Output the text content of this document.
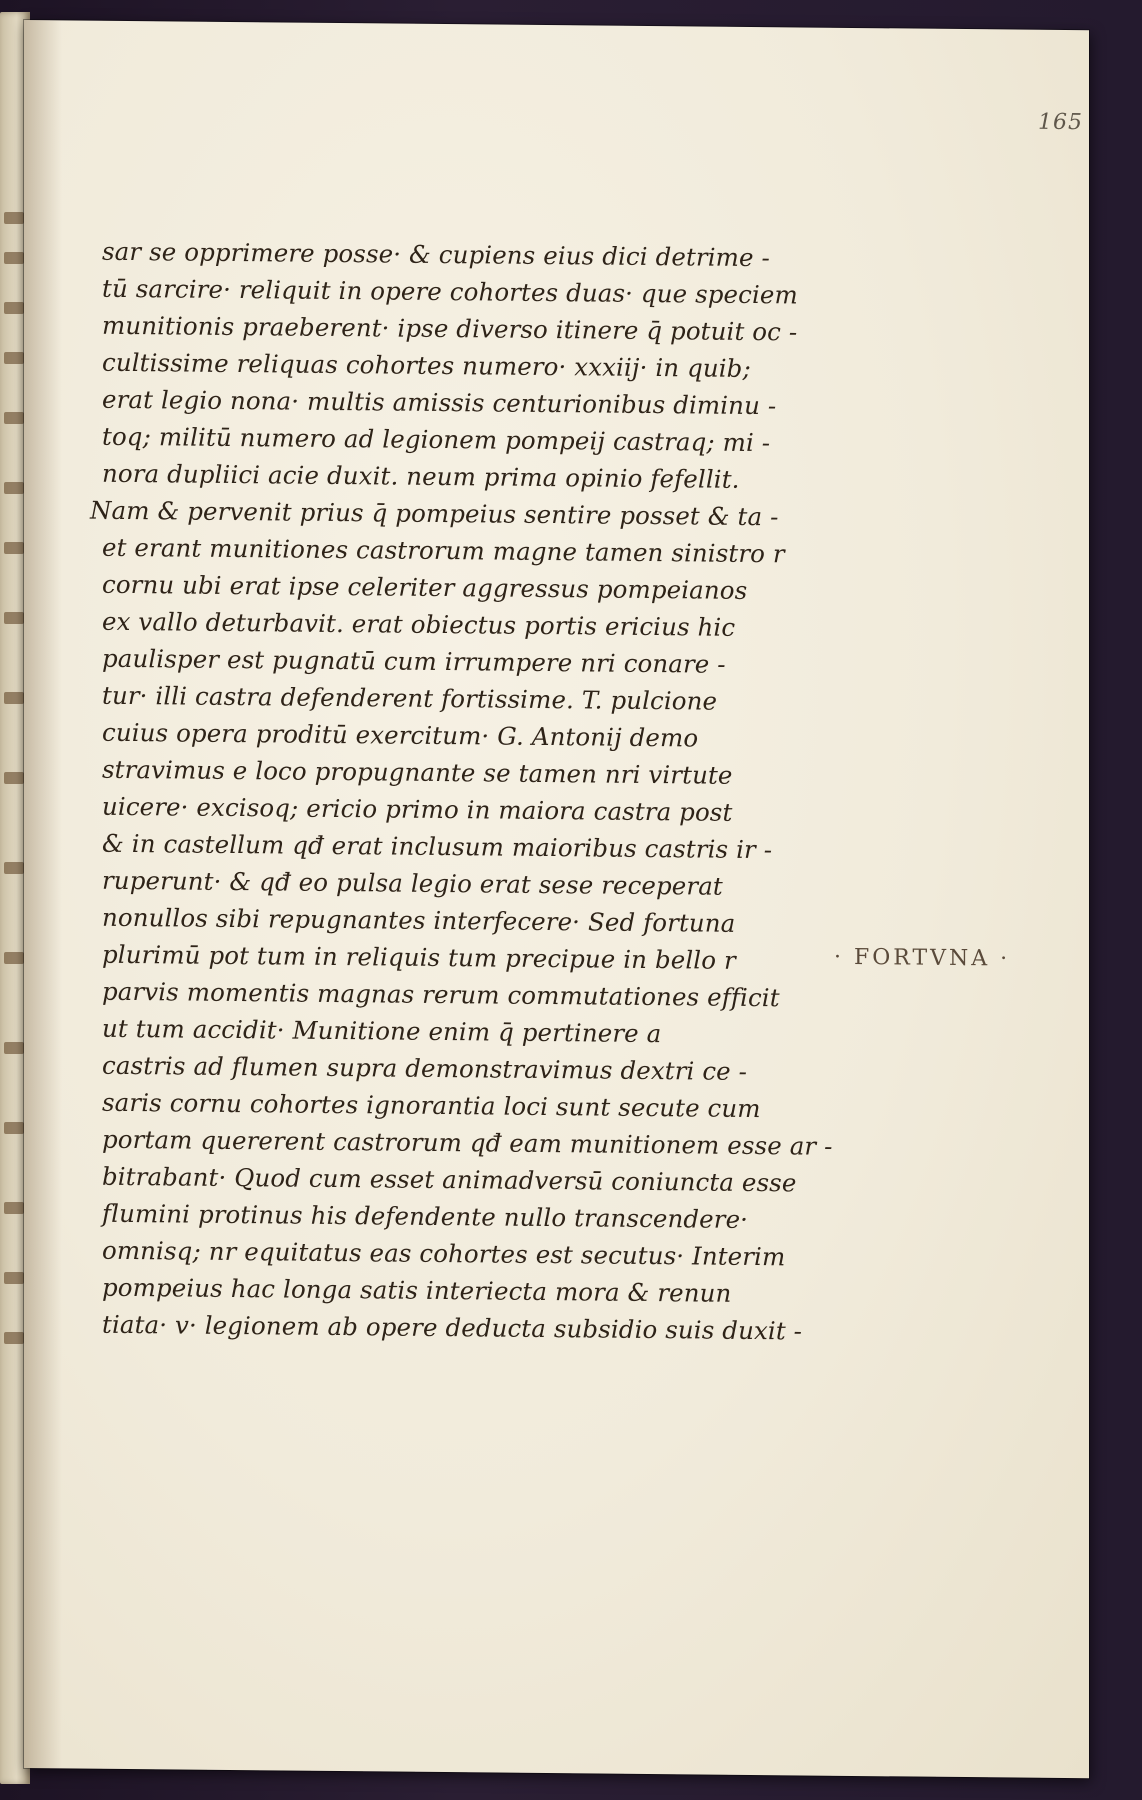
165
sar se opprimere posse· & cupiens eius dici detrime -
tū sarcire· reliquit in opere cohortes duas· que speciem
munitionis praeberent· ipse diverso itinere q̄ potuit oc -
cultissime reliquas cohortes numero· xxxiij· in quib;
erat legio nona· multis amissis centurionibus diminu -
toq; militū numero ad legionem pompeij castraq; mi -
nora dupliici acie duxit. neum prima opinio fefellit.
Nam & pervenit prius q̄ pompeius sentire posset & ta -
et erant munitiones castrorum magne tamen sinistro r
cornu ubi erat ipse celeriter aggressus pompeianos
ex vallo deturbavit. erat obiectus portis ericius hic
paulisper est pugnatū cum irrumpere nri conare -
tur· illi castra defenderent fortissime. T. pulcione
cuius opera proditū exercitum· G. Antonij demo
stravimus e loco propugnante se tamen nri virtute
uicere· excisoq; ericio primo in maiora castra post
& in castellum qđ erat inclusum maioribus castris ir -
ruperunt· & qđ eo pulsa legio erat sese receperat
nonullos sibi repugnantes interfecere· Sed fortuna
plurimū pot tum in reliquis tum precipue in bello r
parvis momentis magnas rerum commutationes efficit
ut tum accidit· Munitione enim q̄ pertinere a
castris ad flumen supra demonstravimus dextri ce -
saris cornu cohortes ignorantia loci sunt secute cum
portam quererent castrorum qđ eam munitionem esse ar -
bitrabant· Quod cum esset animadversū coniuncta esse
flumini protinus his defendente nullo transcendere·
omnisq; nr equitatus eas cohortes est secutus· Interim
pompeius hac longa satis interiecta mora & renun
tiata· v· legionem ab opere deducta subsidio suis duxit -
· FORTVNA ·
